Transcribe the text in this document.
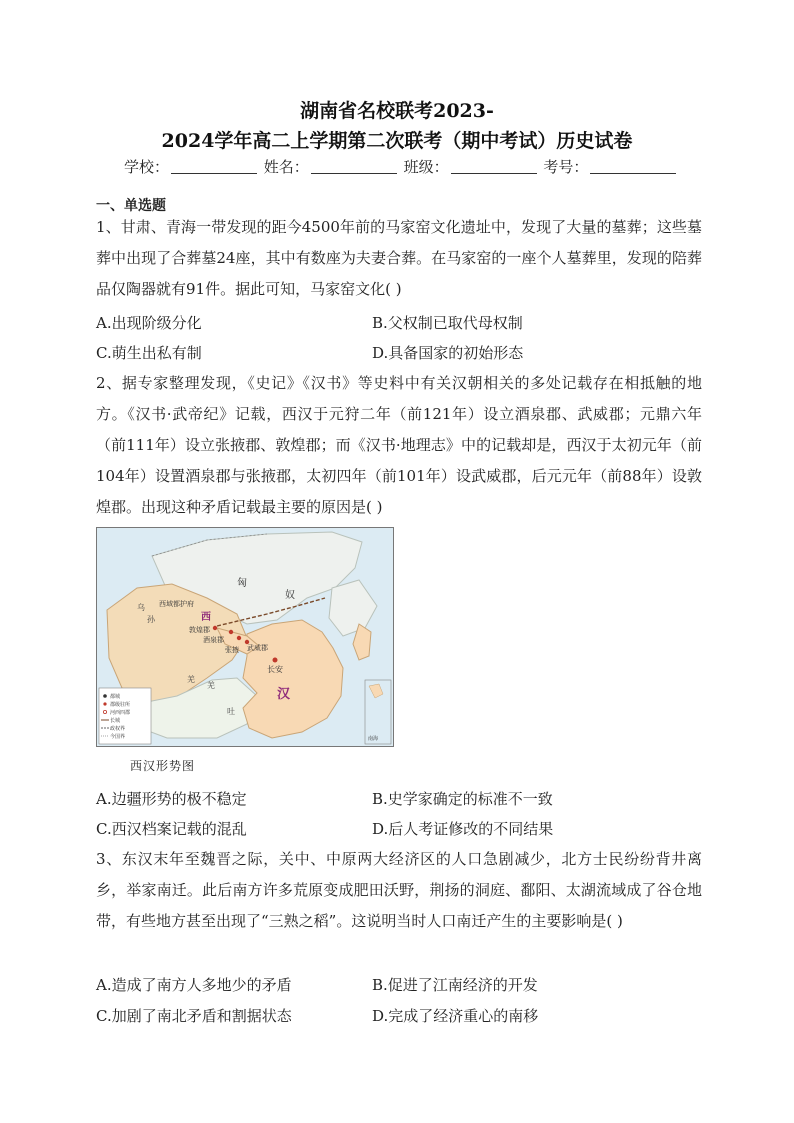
湖南省名校联考2023-
2024学年高二上学期第二次联考（期中考试）历史试卷
学校：	姓名：	班级：	考号：
一、单选题

1、甘肃、青海一带发现的距今4500年前的马家窑文化遗址中，发现了大量的墓葬；这些墓葬中出现了合葬墓24座，其中有数座为夫妻合葬。在马家窑的一座个人墓葬里，发现的陪葬品仅陶器就有91件。据此可知，马家窑文化( )

A.出现阶级分化	B.父权制已取代母权制
C.萌生出私有制	D.具备国家的初始形态

2、据专家整理发现，《史记》《汉书》等史料中有关汉朝相关的多处记载存在相抵触的地方。《汉书·武帝纪》记载，西汉于元狩二年（前121年）设立酒泉郡、武威郡；元鼎六年（前111年）设立张掖郡、敦煌郡；而《汉书·地理志》中的记载却是，西汉于太初元年（前104年）设置酒泉郡与张掖郡，太初四年（前101年）设武威郡，后元元年（前88年）设敦煌郡。出现这种矛盾记载最主要的原因是( )

匈
奴
乌
孙
西域都护府
西
敦煌郡
酒泉郡
张掖 武威郡
长安
汉
羌
羌
吐
都城
郡级驻所
河西四郡
长城
政权界
今国界	南海
西汉形势图
A.边疆形势的极不稳定	B.史学家确定的标准不一致
C.西汉档案记载的混乱	D.后人考证修改的不同结果

3、东汉末年至魏晋之际，关中、中原两大经济区的人口急剧减少，北方士民纷纷背井离乡，举家南迁。此后南方许多荒原变成肥田沃野，荆扬的洞庭、鄱阳、太湖流域成了谷仓地带，有些地方甚至出现了“三熟之稻”。这说明当时人口南迁产生的主要影响是( )

A.造成了南方人多地少的矛盾	B.促进了江南经济的开发
C.加剧了南北矛盾和割据状态	D.完成了经济重心的南移
